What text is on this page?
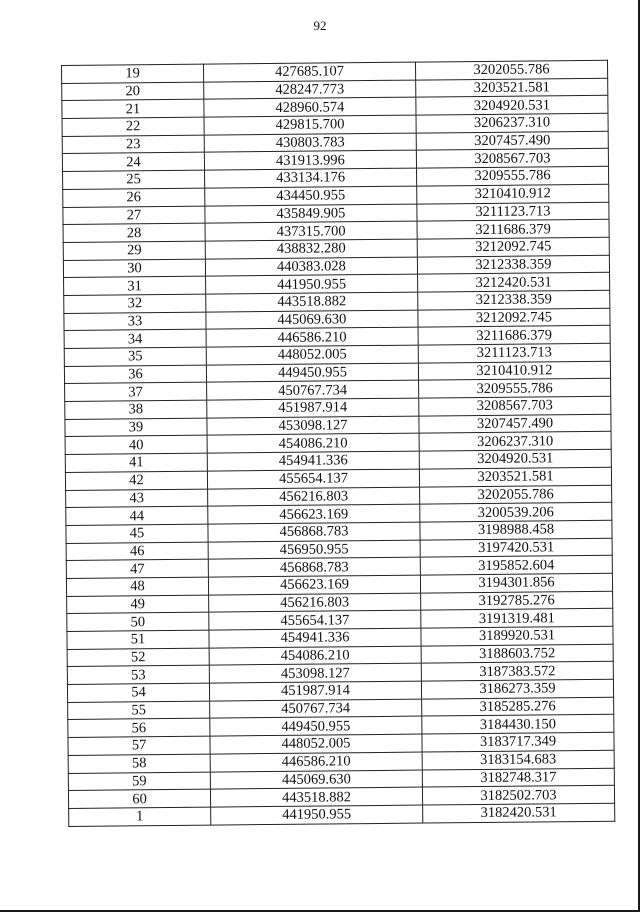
92
19	427685.107	3202055.786
20	428247.773	3203521.581
21	428960.574	3204920.531
22	429815.700	3206237.310
23	430803.783	3207457.490
24	431913.996	3208567.703
25	433134.176	3209555.786
26	434450.955	3210410.912
27	435849.905	3211123.713
28	437315.700	3211686.379
29	438832.280	3212092.745
30	440383.028	3212338.359
31	441950.955	3212420.531
32	443518.882	3212338.359
33	445069.630	3212092.745
34	446586.210	3211686.379
35	448052.005	3211123.713
36	449450.955	3210410.912
37	450767.734	3209555.786
38	451987.914	3208567.703
39	453098.127	3207457.490
40	454086.210	3206237.310
41	454941.336	3204920.531
42	455654.137	3203521.581
43	456216.803	3202055.786
44	456623.169	3200539.206
45	456868.783	3198988.458
46	456950.955	3197420.531
47	456868.783	3195852.604
48	456623.169	3194301.856
49	456216.803	3192785.276
50	455654.137	3191319.481
51	454941.336	3189920.531
52	454086.210	3188603.752
53	453098.127	3187383.572
54	451987.914	3186273.359
55	450767.734	3185285.276
56	449450.955	3184430.150
57	448052.005	3183717.349
58	446586.210	3183154.683
59	445069.630	3182748.317
60	443518.882	3182502.703
1	441950.955	3182420.531
